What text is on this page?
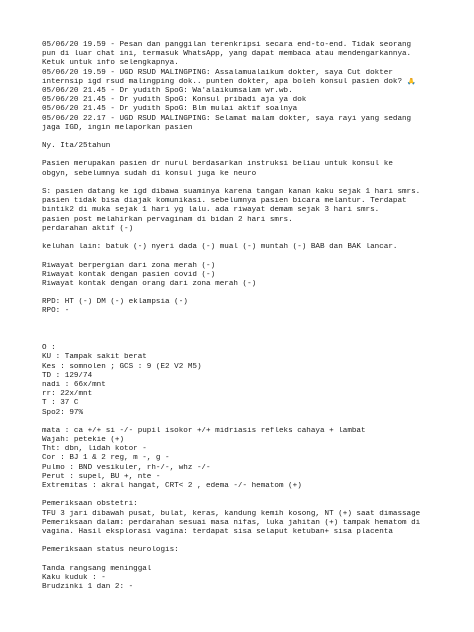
05/06/20 19.59 - Pesan dan panggilan terenkripsi secara end-to-end. Tidak seorang
pun di luar chat ini, termasuk WhatsApp, yang dapat membaca atau mendengarkannya.
Ketuk untuk info selengkapnya.
05/06/20 19.59 - UGD RSUD MALINGPING: Assalamualaikum dokter, saya Cut dokter
internsip igd rsud malingping dok.. punten dokter, apa boleh konsul pasien dok? 🙏
05/06/20 21.45 - Dr yudith SpoG: Wa'alaikumsalam wr.wb.
05/06/20 21.45 - Dr yudith SpoG: Konsul pribadi aja ya dok
05/06/20 21.45 - Dr yudith SpoG: Blm mulai aktif soalnya
05/06/20 22.17 - UGD RSUD MALINGPING: Selamat malam dokter, saya rayi yang sedang
jaga IGD, ingin melaporkan pasien
Ny. Ita/25tahun
Pasien merupakan pasien dr nurul berdasarkan instruksi beliau untuk konsul ke
obgyn, sebelumnya sudah di konsul juga ke neuro
S: pasien datang ke igd dibawa suaminya karena tangan kanan kaku sejak 1 hari smrs.
pasien tidak bisa diajak komunikasi. sebelumnya pasien bicara melantur. Terdapat
bintik2 di muka sejak 1 hari yg lalu. ada riwayat demam sejak 3 hari smrs.
pasien post melahirkan pervaginam di bidan 2 hari smrs.
perdarahan aktif (-)
keluhan lain: batuk (-) nyeri dada (-) mual (-) muntah (-) BAB dan BAK lancar.
Riwayat berpergian dari zona merah (-)
Riwayat kontak dengan pasien covid (-)
Riwayat kontak dengan orang dari zona merah (-)
RPD: HT (-) DM (-) eklampsia (-)
RPO: -
O :
KU : Tampak sakit berat
Kes : somnolen ; GCS : 9 (E2 V2 M5)
TD : 129/74
nadi : 66x/mnt
rr: 22x/mnt
T : 37 C
Spo2: 97%
mata : ca +/+ si -/- pupil isokor +/+ midriasis refleks cahaya + lambat
Wajah: petekie (+)
Tht: dbn, lidah kotor -
Cor : BJ 1 & 2 reg, m -, g -
Pulmo : BND vesikuler, rh-/-, whz -/-
Perut : supel, BU +, nte -
Extremitas : akral hangat, CRT< 2 , edema -/- hematom (+)
Pemeriksaan obstetri:
TFU 3 jari dibawah pusat, bulat, keras, kandung kemih kosong, NT (+) saat dimassage
Pemeriksaan dalam: perdarahan sesuai masa nifas, luka jahitan (+) tampak hematom di
vagina. Hasil eksplorasi vagina: terdapat sisa selaput ketuban+ sisa placenta
Pemeriksaan status neurologis:
Tanda rangsang meninggal
Kaku kuduk : -
Brudzinki 1 dan 2: -
